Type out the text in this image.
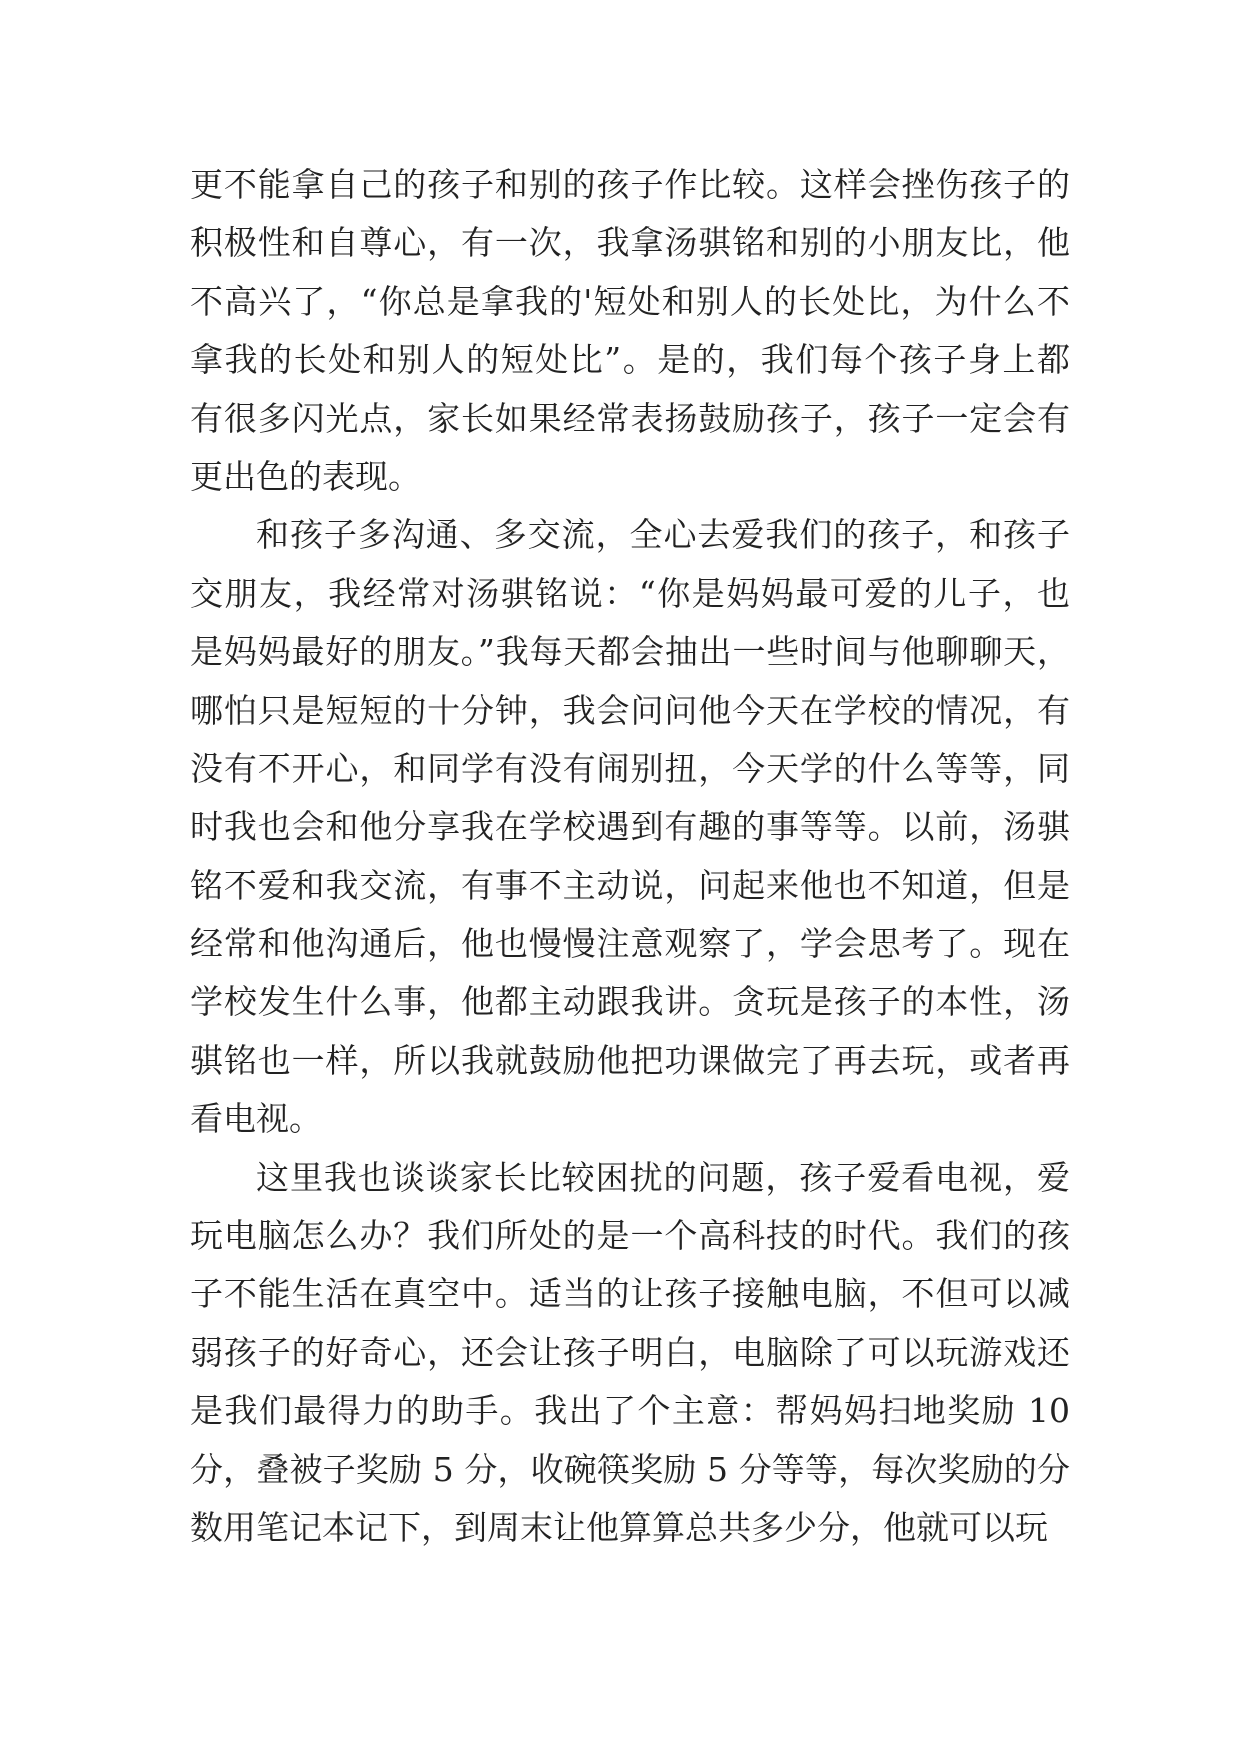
更不能拿自己的孩子和别的孩子作比较。这样会挫伤孩子的
积极性和自尊心，有一次，我拿汤骐铭和别的小朋友比，他
不高兴了，“你总是拿我的'短处和别人的长处比，为什么不
拿我的长处和别人的短处比”。是的，我们每个孩子身上都
有很多闪光点，家长如果经常表扬鼓励孩子，孩子一定会有
更出色的表现。
和孩子多沟通、多交流，全心去爱我们的孩子，和孩子
交朋友，我经常对汤骐铭说：“你是妈妈最可爱的儿子，也
是妈妈最好的朋友。”我每天都会抽出一些时间与他聊聊天，
哪怕只是短短的十分钟，我会问问他今天在学校的情况，有
没有不开心，和同学有没有闹别扭，今天学的什么等等，同
时我也会和他分享我在学校遇到有趣的事等等。以前，汤骐
铭不爱和我交流，有事不主动说，问起来他也不知道，但是
经常和他沟通后，他也慢慢注意观察了，学会思考了。现在
学校发生什么事，他都主动跟我讲。贪玩是孩子的本性，汤
骐铭也一样，所以我就鼓励他把功课做完了再去玩，或者再
看电视。
这里我也谈谈家长比较困扰的问题，孩子爱看电视，爱
玩电脑怎么办？我们所处的是一个高科技的时代。我们的孩
子不能生活在真空中。适当的让孩子接触电脑，不但可以减
弱孩子的好奇心，还会让孩子明白，电脑除了可以玩游戏还
是我们最得力的助手。我出了个主意：帮妈妈扫地奖励 10
分，叠被子奖励 5 分，收碗筷奖励 5 分等等，每次奖励的分
数用笔记本记下，到周末让他算算总共多少分，他就可以玩
